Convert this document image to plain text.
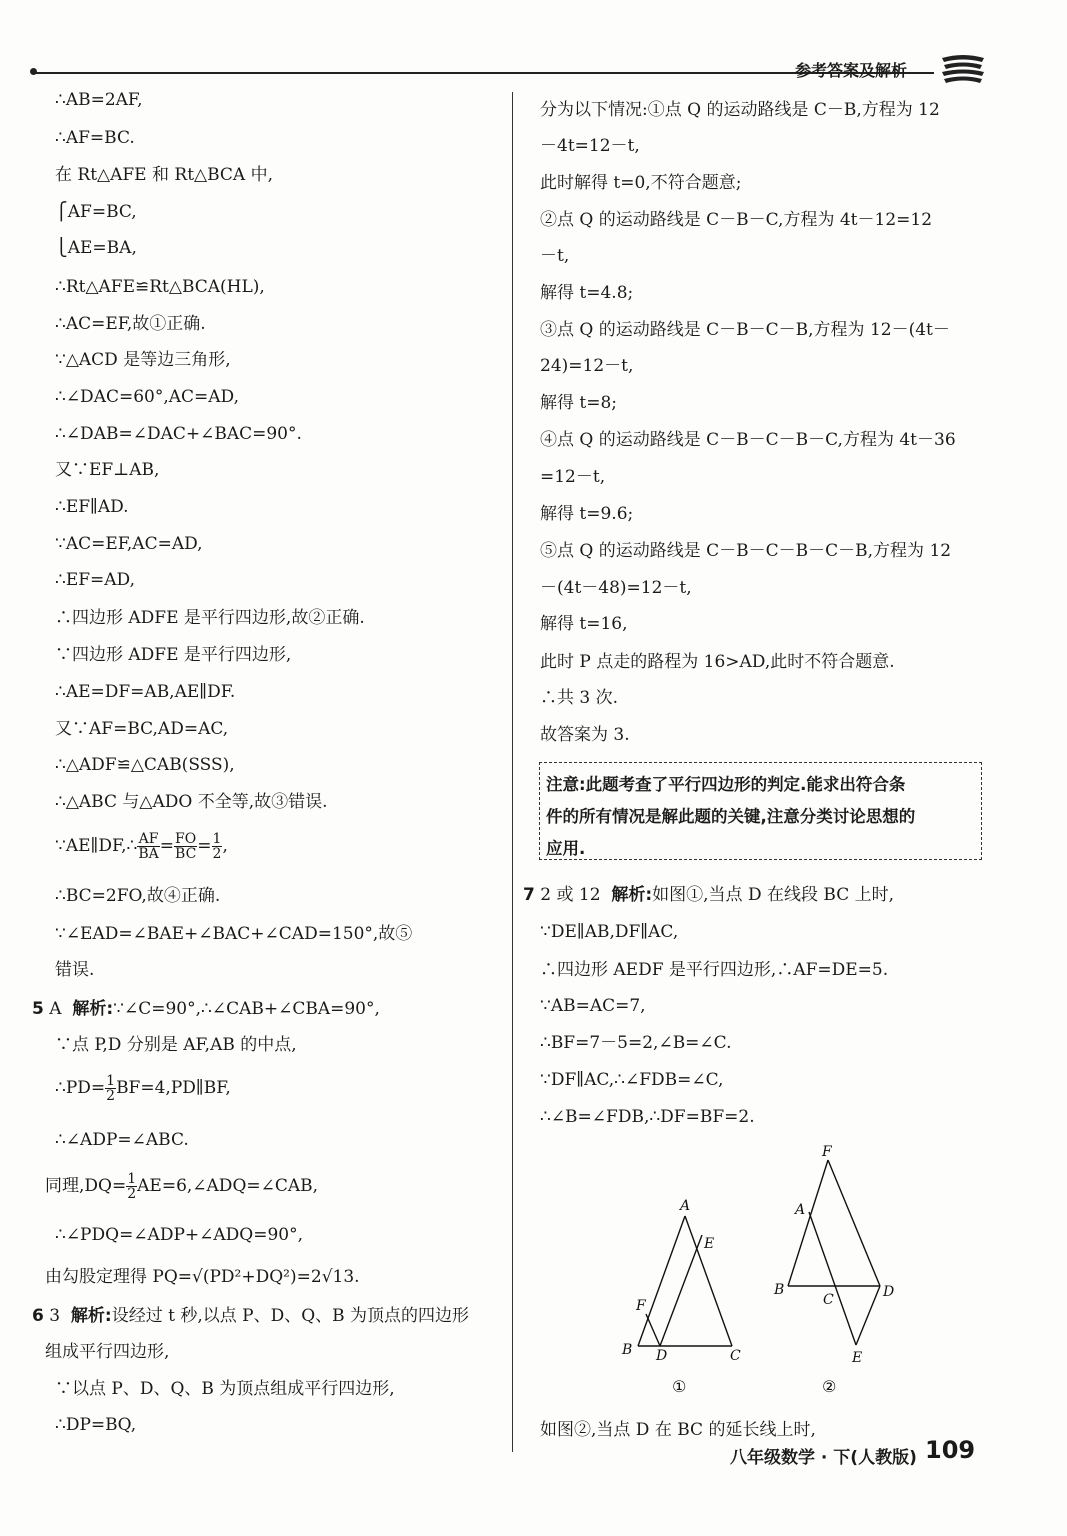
参考答案及解析
∴AB=2AF,
∴AF=BC.
在 Rt△AFE 和 Rt△BCA 中,
⎧AF=BC,
⎩AE=BA,
∴Rt△AFE≌Rt△BCA(HL),
∴AC=EF,故①正确.
∵△ACD 是等边三角形,
∴∠DAC=60°,AC=AD,
∴∠DAB=∠DAC+∠BAC=90°.
又∵EF⊥AB,
∴EF∥AD.
∵AC=EF,AC=AD,
∴EF=AD,
∴四边形 ADFE 是平行四边形,故②正确.
∵四边形 ADFE 是平行四边形,
∴AE=DF=AB,AE∥DF.
又∵AF=BC,AD=AC,
∴△ADF≌△CAB(SSS),
∴△ABC 与△ADO 不全等,故③错误.
∵AE∥DF,∴ $\frac{AF}{BA} = \frac{FO}{BC} = \frac{1}{2}$ ,
∴BC=2FO,故④正确.
∵∠EAD=∠BAE+∠BAC+∠CAD=150°,故⑤
错误.
5 A 解析:∵∠C=90°,∴∠CAB+∠CBA=90°,
∵点 P,D 分别是 AF,AB 的中点,
∴PD= $\frac{1}{2}$ BF=4,PD∥BF,
∴∠ADP=∠ABC.
同理$,DQ= \frac{1}{2}$ AE=6,∠ADQ=∠CAB,
∴∠PDQ=∠ADP+∠ADQ=90°,
由勾股定理得 PQ=√(PD²+DQ²)=2√13.
6 3 解析:设经过 t 秒,以点 P、D、Q、B 为顶点的四边形
组成平行四边形,
∵以点 P、D、Q、B 为顶点组成平行四边形,
∴DP=BQ,
分为以下情况:①点 Q 的运动路线是 C－B,方程为 12
－4t=12－t,
此时解得 t=0,不符合题意;
②点 Q 的运动路线是 C－B－C,方程为 4t－12=12
－t,
解得 t=4.8;
③点 Q 的运动路线是 C－B－C－B,方程为 12－(4t－
24)=12－t,
解得 t=8;
④点 Q 的运动路线是 C－B－C－B－C,方程为 4t－36
=12－t,
解得 t=9.6;
⑤点 Q 的运动路线是 C－B－C－B－C－B,方程为 12
－(4t－48)=12－t,
解得 t=16,
此时 P 点走的路程为 16>AD,此时不符合题意.
∴共 3 次.
故答案为 3.
注意:此题考查了平行四边形的判定.能求出符合条
件的所有情况是解此题的关键,注意分类讨论思想的
应用.
7 2 或 12 解析:如图①,当点 D 在线段 BC 上时,
∵DE∥AB,DF∥AC,
∴四边形 AEDF 是平行四边形,∴AF=DE=5.
∵AB=AC=7,
∴BF=7－5=2,∠B=∠C.
∵DF∥AC,∴∠FDB=∠C,
∴∠B=∠FDB,∴DF=BF=2.
A
E
F
B D	C
①
F
A
B
C	D
E
②
如图②,当点 D 在 BC 的延长线上时,
八年级数学 · 下(人教版) 109
